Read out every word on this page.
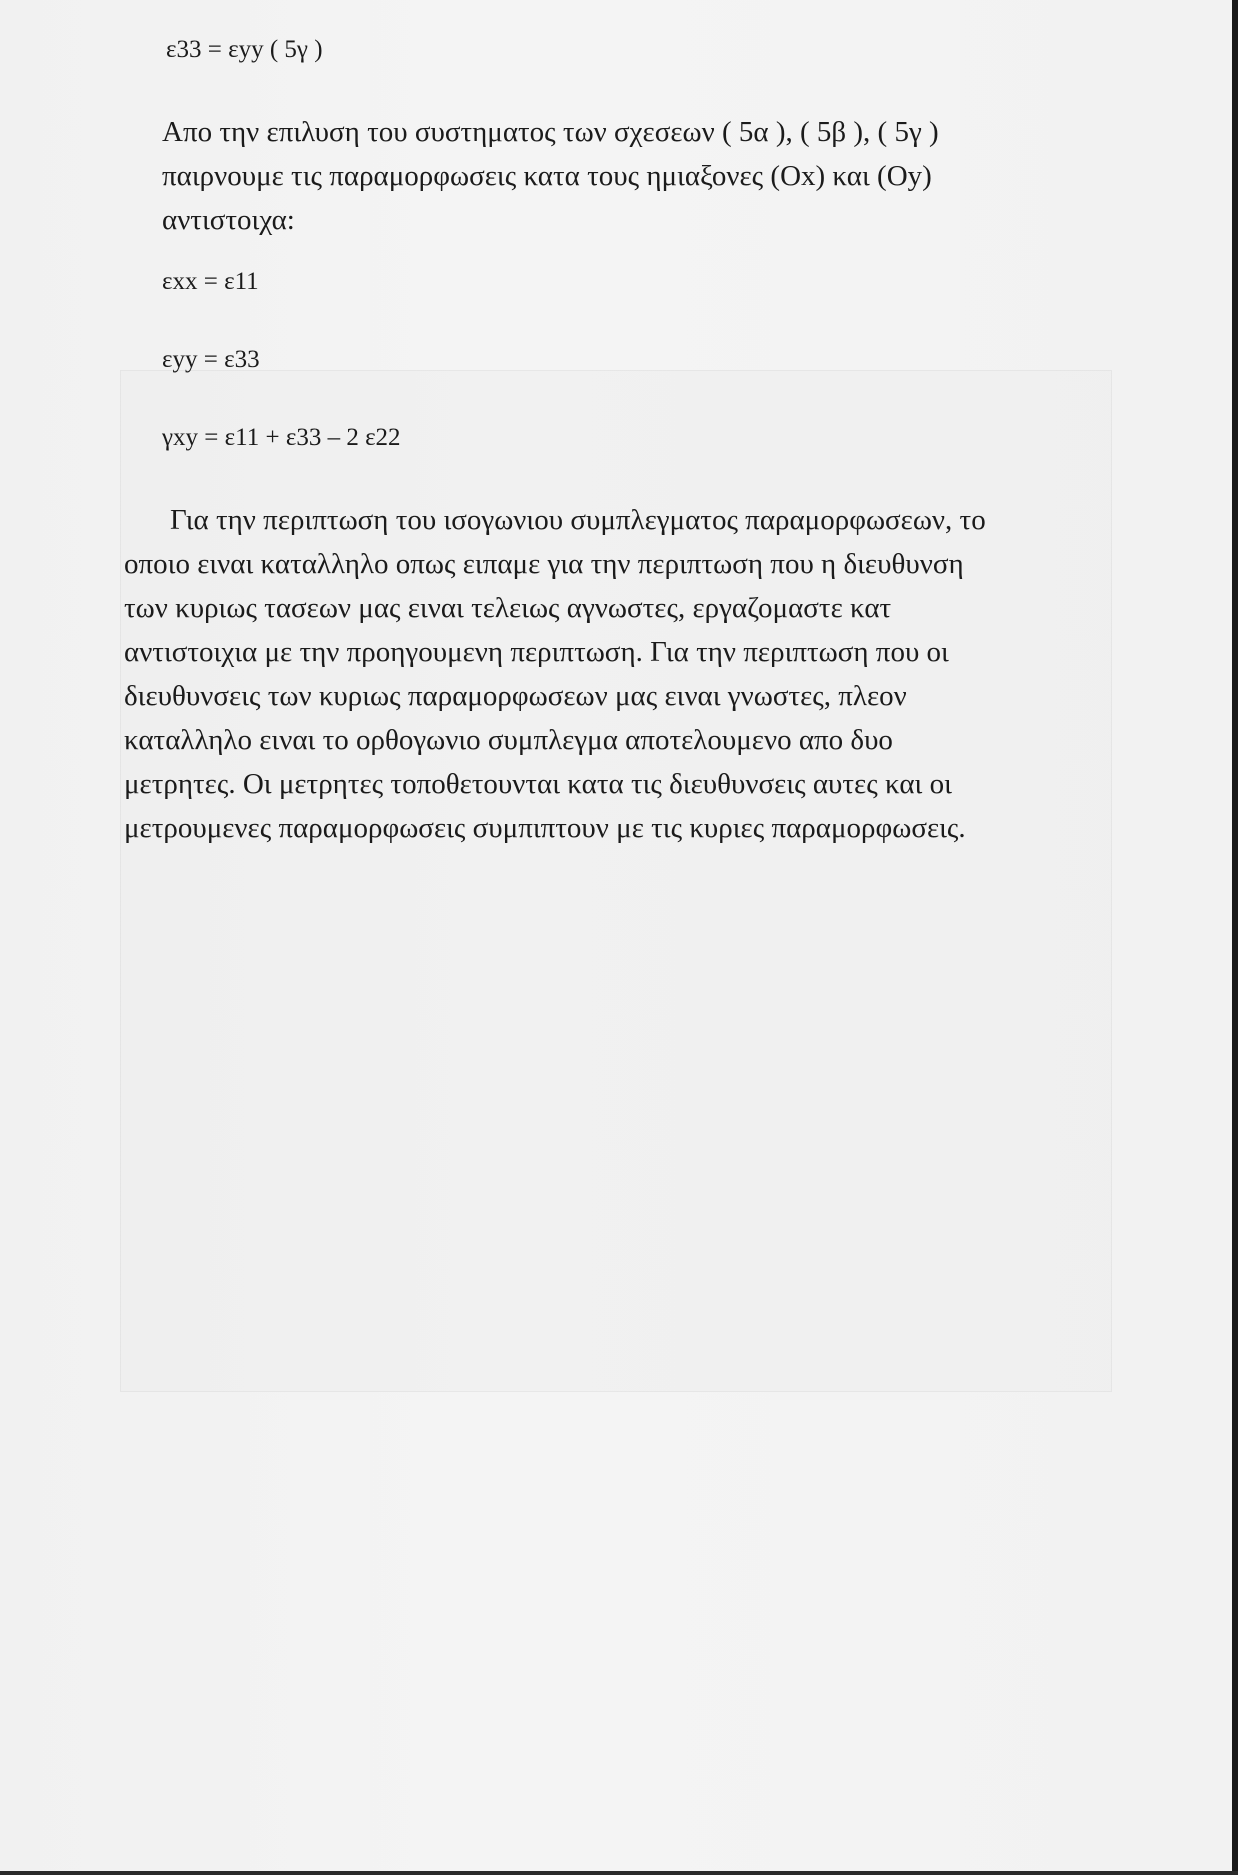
ε33 = εyy ( 5γ )
Απο την επιλυση του συστηματος των σχεσεων ( 5α ), ( 5β ), ( 5γ )
παιρνουμε τις παραμορφωσεις κατα τους ημιαξονες (Οx) και (Οy)
αντιστοιχα:
εxx = ε11
εyy = ε33
γxy = ε11 + ε33 – 2 ε22
Για την περιπτωση του ισογωνιου συμπλεγματος παραμορφωσεων, το
οποιο ειναι καταλληλο οπως ειπαμε για την περιπτωση που η διευθυνση
των κυριως τασεων μας ειναι τελειως αγνωστες, εργαζομαστε κατ
αντιστοιχια με την προηγουμενη περιπτωση. Για την περιπτωση που οι
διευθυνσεις των κυριως παραμορφωσεων μας ειναι γνωστες, πλεον
καταλληλο ειναι το ορθογωνιο συμπλεγμα αποτελουμενο απο δυο
μετρητες. Οι μετρητες τοποθετουνται κατα τις διευθυνσεις αυτες και οι
μετρουμενες παραμορφωσεις συμπιπτουν με τις κυριες παραμορφωσεις.
